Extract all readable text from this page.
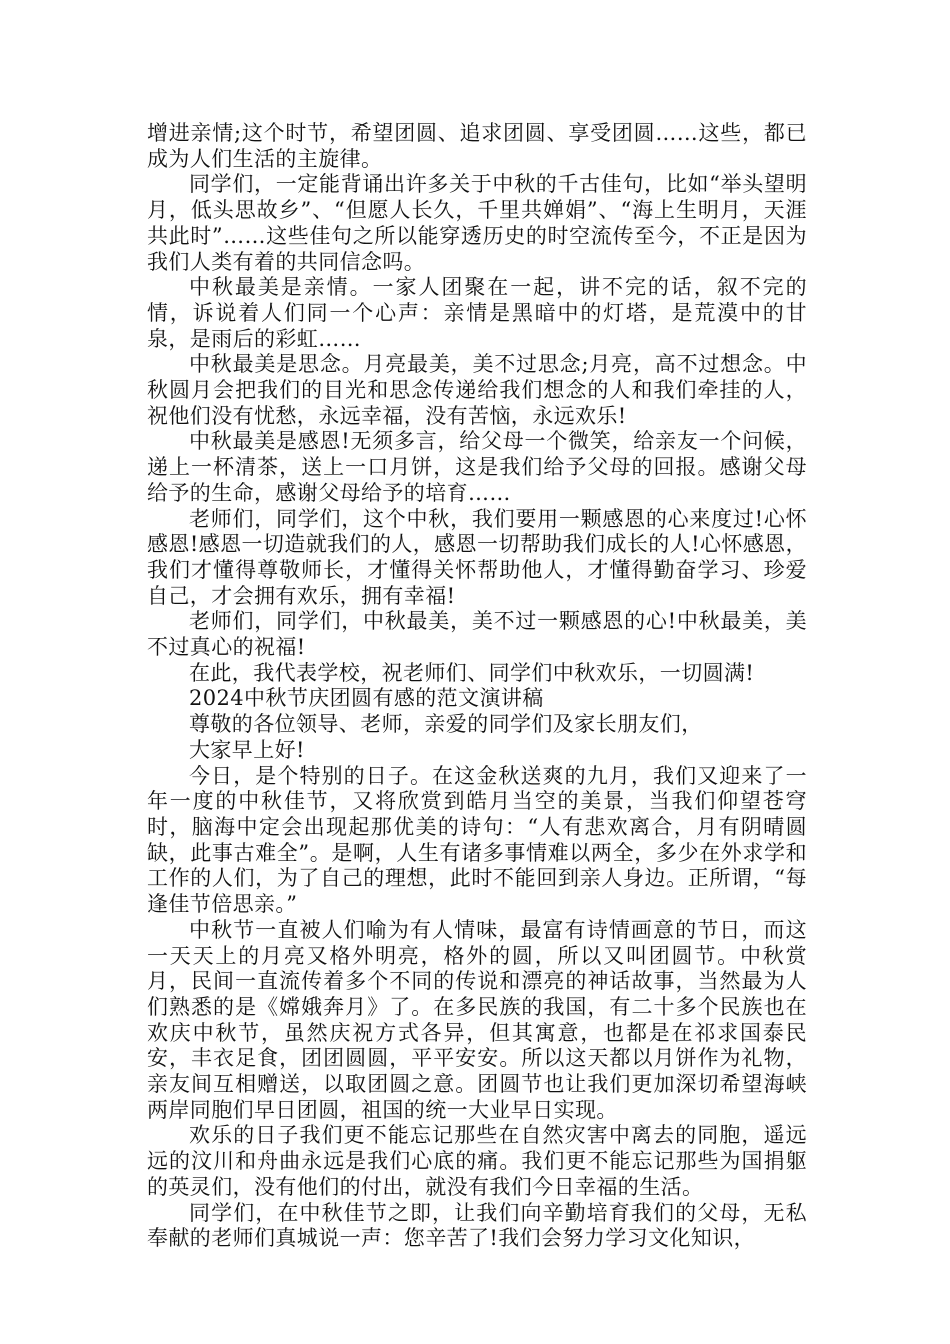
增进亲情;这个时节，希望团圆、追求团圆、享受团圆……这些，都已成为人们生活的主旋律。

同学们，一定能背诵出许多关于中秋的千古佳句，比如“举头望明月，低头思故乡”、“但愿人长久，千里共婵娟”、“海上生明月，天涯共此时”……这些佳句之所以能穿透历史的时空流传至今，不正是因为我们人类有着的共同信念吗。

中秋最美是亲情。一家人团聚在一起，讲不完的话，叙不完的情，诉说着人们同一个心声：亲情是黑暗中的灯塔，是荒漠中的甘泉，是雨后的彩虹……

中秋最美是思念。月亮最美，美不过思念;月亮，高不过想念。中秋圆月会把我们的目光和思念传递给我们想念的人和我们牵挂的人，祝他们没有忧愁，永远幸福，没有苦恼，永远欢乐!

中秋最美是感恩!无须多言，给父母一个微笑，给亲友一个问候，递上一杯清茶，送上一口月饼，这是我们给予父母的回报。感谢父母给予的生命，感谢父母给予的培育……

老师们，同学们，这个中秋，我们要用一颗感恩的心来度过!心怀感恩!感恩一切造就我们的人，感恩一切帮助我们成长的人!心怀感恩，我们才懂得尊敬师长，才懂得关怀帮助他人，才懂得勤奋学习、珍爱自己，才会拥有欢乐，拥有幸福!

老师们，同学们，中秋最美，美不过一颗感恩的心!中秋最美，美不过真心的祝福!

在此，我代表学校，祝老师们、同学们中秋欢乐，一切圆满!

2024中秋节庆团圆有感的范文演讲稿

尊敬的各位领导、老师，亲爱的同学们及家长朋友们，

大家早上好!

今日，是个特别的日子。在这金秋送爽的九月，我们又迎来了一年一度的中秋佳节，又将欣赏到皓月当空的美景，当我们仰望苍穹时，脑海中定会出现起那优美的诗句：“人有悲欢离合，月有阴晴圆缺，此事古难全”。是啊，人生有诸多事情难以两全，多少在外求学和工作的人们，为了自己的理想，此时不能回到亲人身边。正所谓，“每逢佳节倍思亲。”

中秋节一直被人们喻为有人情味，最富有诗情画意的节日，而这一天天上的月亮又格外明亮，格外的圆，所以又叫团圆节。中秋赏月，民间一直流传着多个不同的传说和漂亮的神话故事，当然最为人们熟悉的是《嫦娥奔月》了。在多民族的我国，有二十多个民族也在欢庆中秋节，虽然庆祝方式各异，但其寓意，也都是在祁求国泰民安，丰衣足食，团团圆圆，平平安安。所以这天都以月饼作为礼物，亲友间互相赠送，以取团圆之意。团圆节也让我们更加深切希望海峡两岸同胞们早日团圆，祖国的统一大业早日实现。

欢乐的日子我们更不能忘记那些在自然灾害中离去的同胞，遥远远的汶川和舟曲永远是我们心底的痛。我们更不能忘记那些为国捐躯的英灵们，没有他们的付出，就没有我们今日幸福的生活。

同学们，在中秋佳节之即，让我们向辛勤培育我们的父母，无私奉献的老师们真城说一声：您辛苦了!我们会努力学习文化知识，
